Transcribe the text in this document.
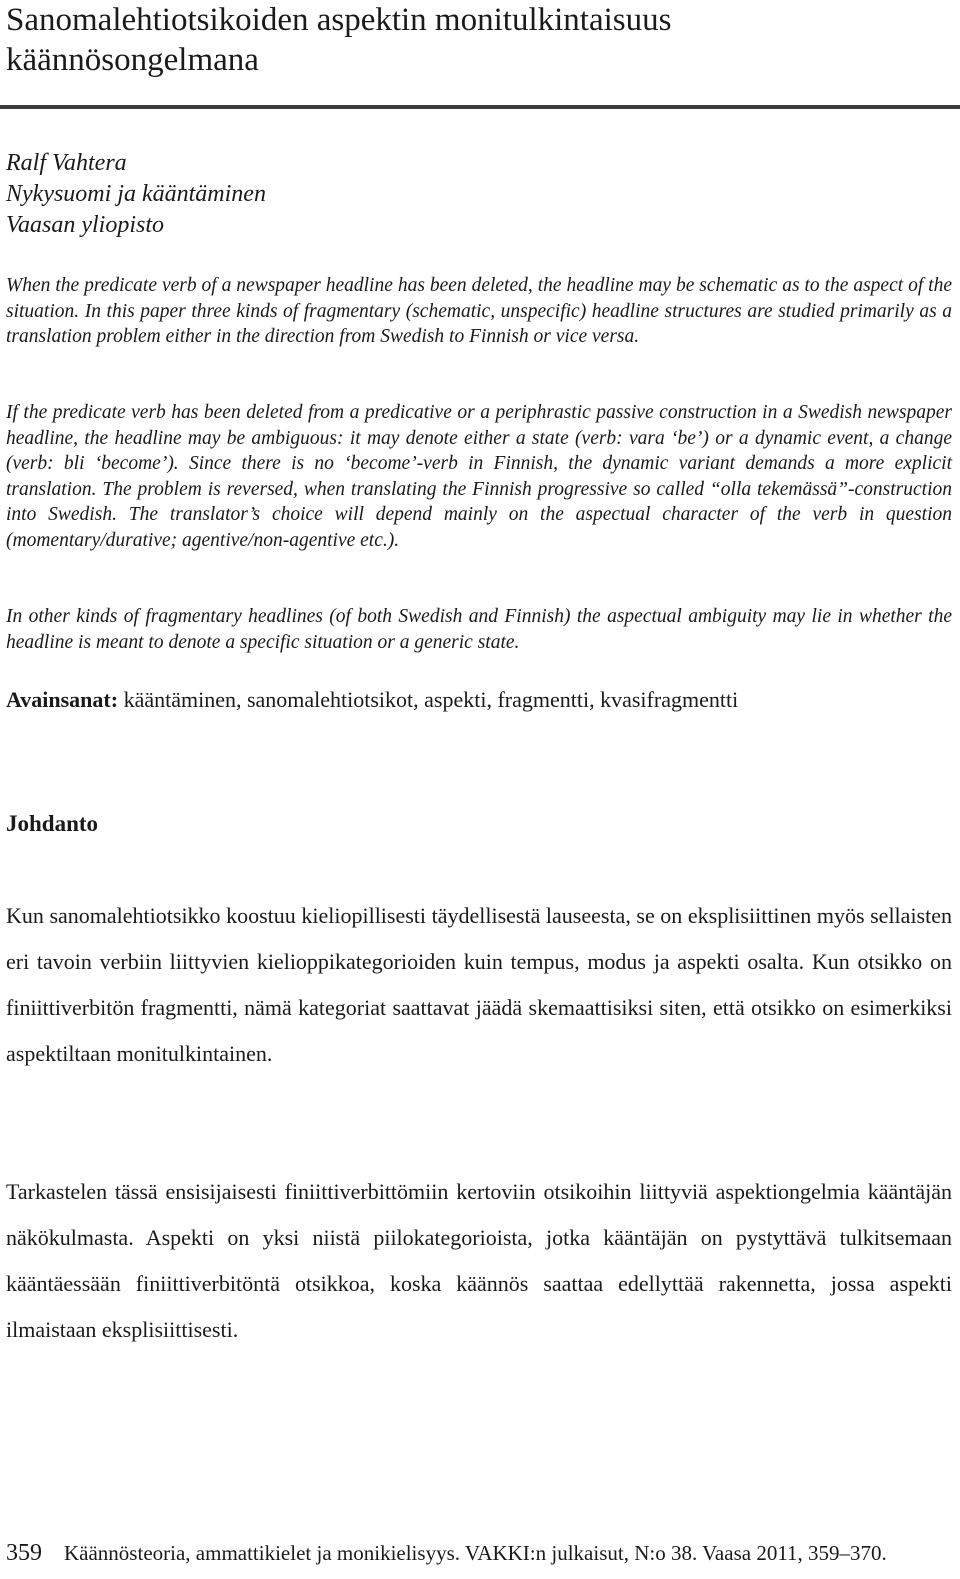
Sanomalehtiotsikoiden aspektin monitulkintaisuus
käännösongelmana
Ralf Vahtera
Nykysuomi ja kääntäminen
Vaasan yliopisto

When the predicate verb of a newspaper headline has been deleted, the headline may be schematic as to the aspect of the situation. In this paper three kinds of fragmentary (schematic, unspecific) headline structures are studied primarily as a translation problem either in the direction from Swedish to Finnish or vice versa.

If the predicate verb has been deleted from a predicative or a periphrastic passive construction in a Swedish newspaper headline, the headline may be ambiguous: it may denote either a state (verb: vara ‘be’) or a dynamic event, a change (verb: bli ‘become’). Since there is no ‘become’-verb in Finnish, the dynamic variant demands a more explicit translation. The problem is reversed, when translating the Finnish progressive so called “olla tekemässä”-construction into Swedish. The translator’s choice will depend mainly on the aspectual character of the verb in question (momentary/durative; agentive/non-agentive etc.).

In other kinds of fragmentary headlines (of both Swedish and Finnish) the aspectual ambiguity may lie in whether the headline is meant to denote a specific situation or a generic state.

Avainsanat: kääntäminen, sanomalehtiotsikot, aspekti, fragmentti, kvasifragmentti

Johdanto

Kun sanomalehtiotsikko koostuu kieliopillisesti täydellisestä lauseesta, se on eksplisiittinen myös sellaisten eri tavoin verbiin liittyvien kielioppikategorioiden kuin tempus, modus ja aspekti osalta. Kun otsikko on finiittiverbitön fragmentti, nämä kategoriat saattavat jäädä skemaattisiksi siten, että otsikko on esimerkiksi aspektiltaan monitulkintainen.

Tarkastelen tässä ensisijaisesti finiittiverbittömiin kertoviin otsikoihin liittyviä aspektiongelmia kääntäjän näkökulmasta. Aspekti on yksi niistä piilokategorioista, jotka kääntäjän on pystyttävä tulkitsemaan kääntäessään finiittiverbitöntä otsikkoa, koska käännös saattaa edellyttää rakennetta, jossa aspekti ilmaistaan eksplisiittisesti.

359 Käännösteoria, ammattikielet ja monikielisyys. VAKKI:n julkaisut, N:o 38. Vaasa 2011, 359–370.
